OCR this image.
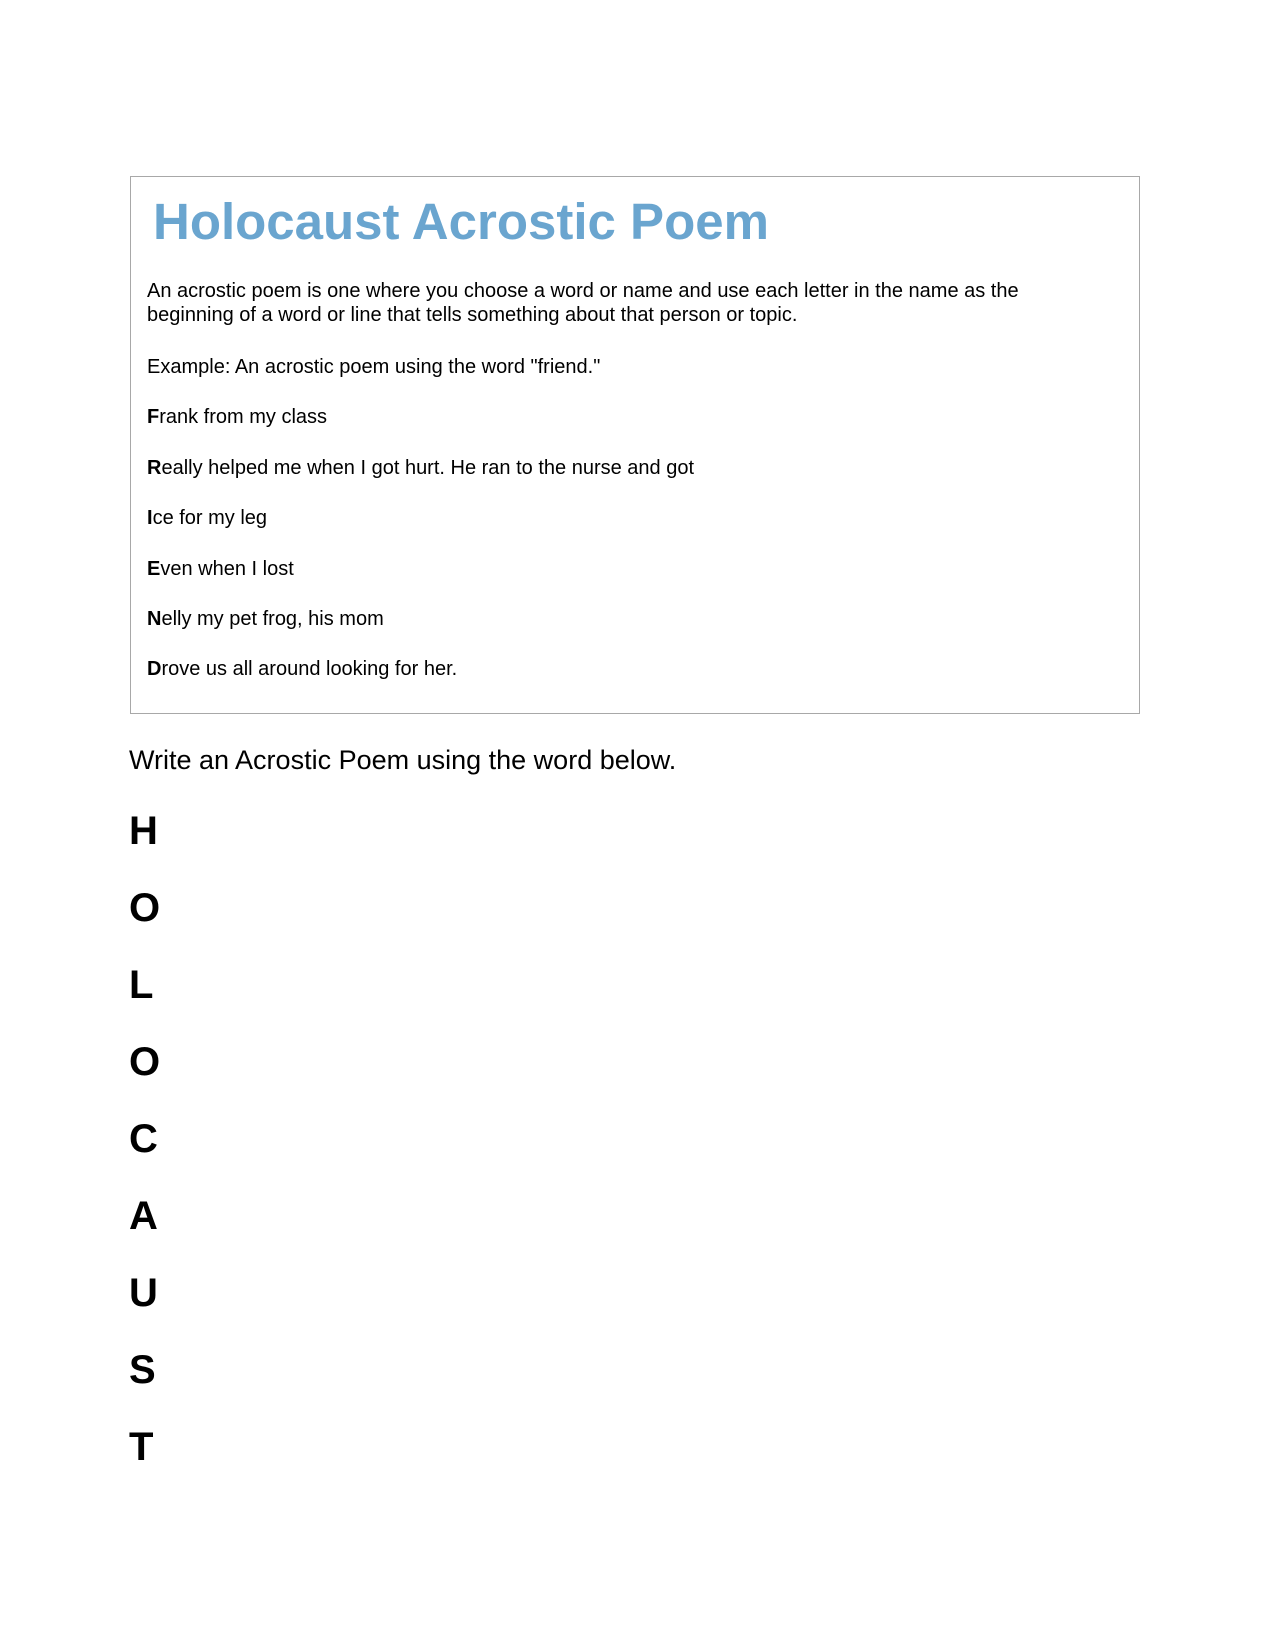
Holocaust Acrostic Poem

An acrostic poem is one where you choose a word or name and use each letter in the name as the beginning of a word or line that tells something about that person or topic.

Example: An acrostic poem using the word "friend."

Frank from my class

Really helped me when I got hurt. He ran to the nurse and got

Ice for my leg

Even when I lost

Nelly my pet frog, his mom

Drove us all around looking for her.

Write an Acrostic Poem using the word below.

H

O

L

O

C

A

U

S

T
